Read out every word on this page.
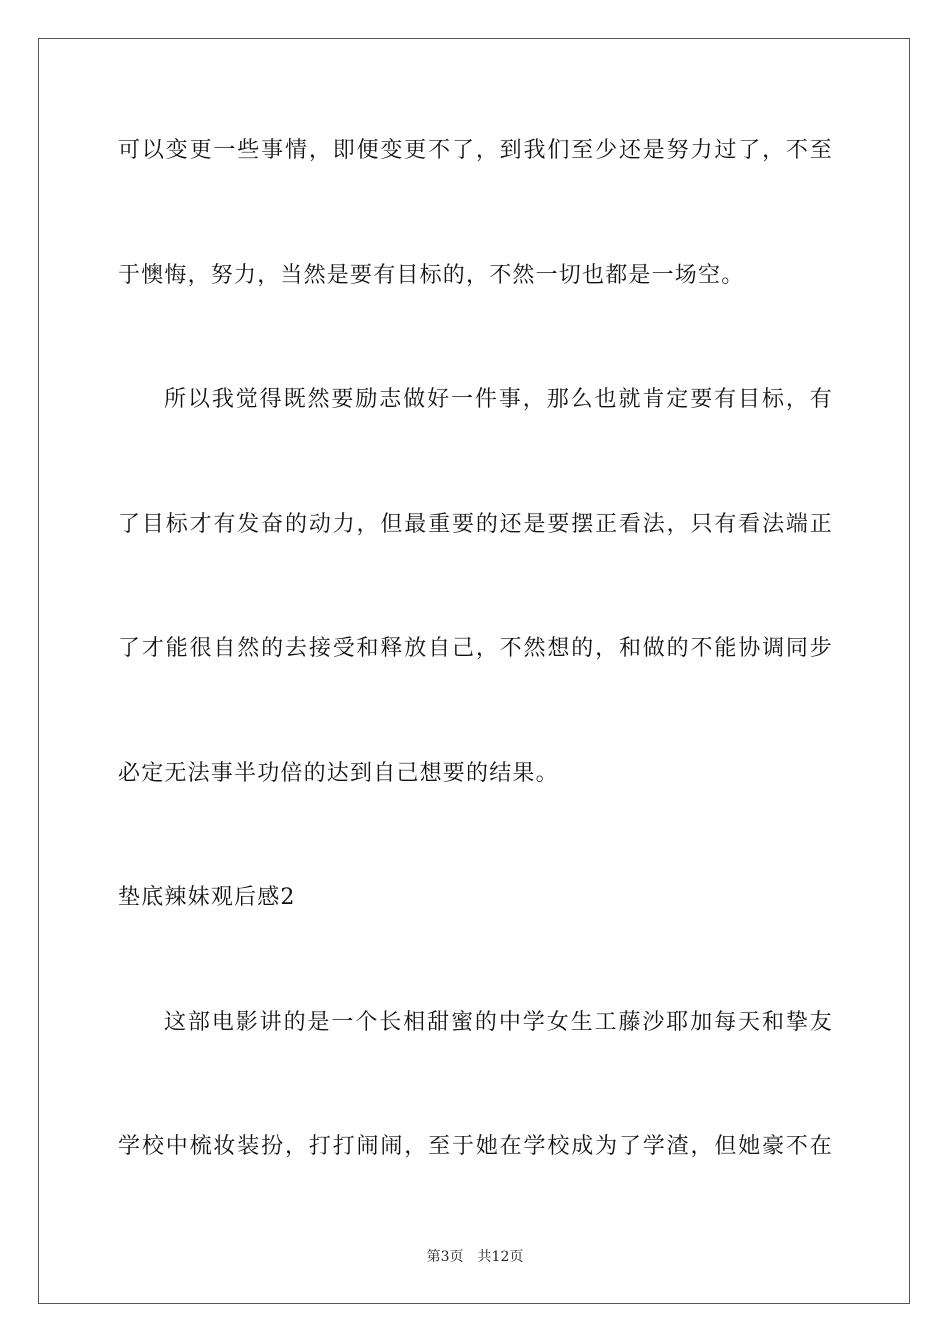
可以变更一些事情，即便变更不了，到我们至少还是努力过了，不至
于懊悔，努力，当然是要有目标的，不然一切也都是一场空。
所以我觉得既然要励志做好一件事，那么也就肯定要有目标，有
了目标才有发奋的动力，但最重要的还是要摆正看法，只有看法端正
了才能很自然的去接受和释放自己，不然想的，和做的不能协调同步
必定无法事半功倍的达到自己想要的结果。
垫底辣妹观后感2
这部电影讲的是一个长相甜蜜的中学女生工藤沙耶加每天和挚友
学校中梳妆装扮，打打闹闹，至于她在学校成为了学渣，但她豪不在
第3页 共12页
